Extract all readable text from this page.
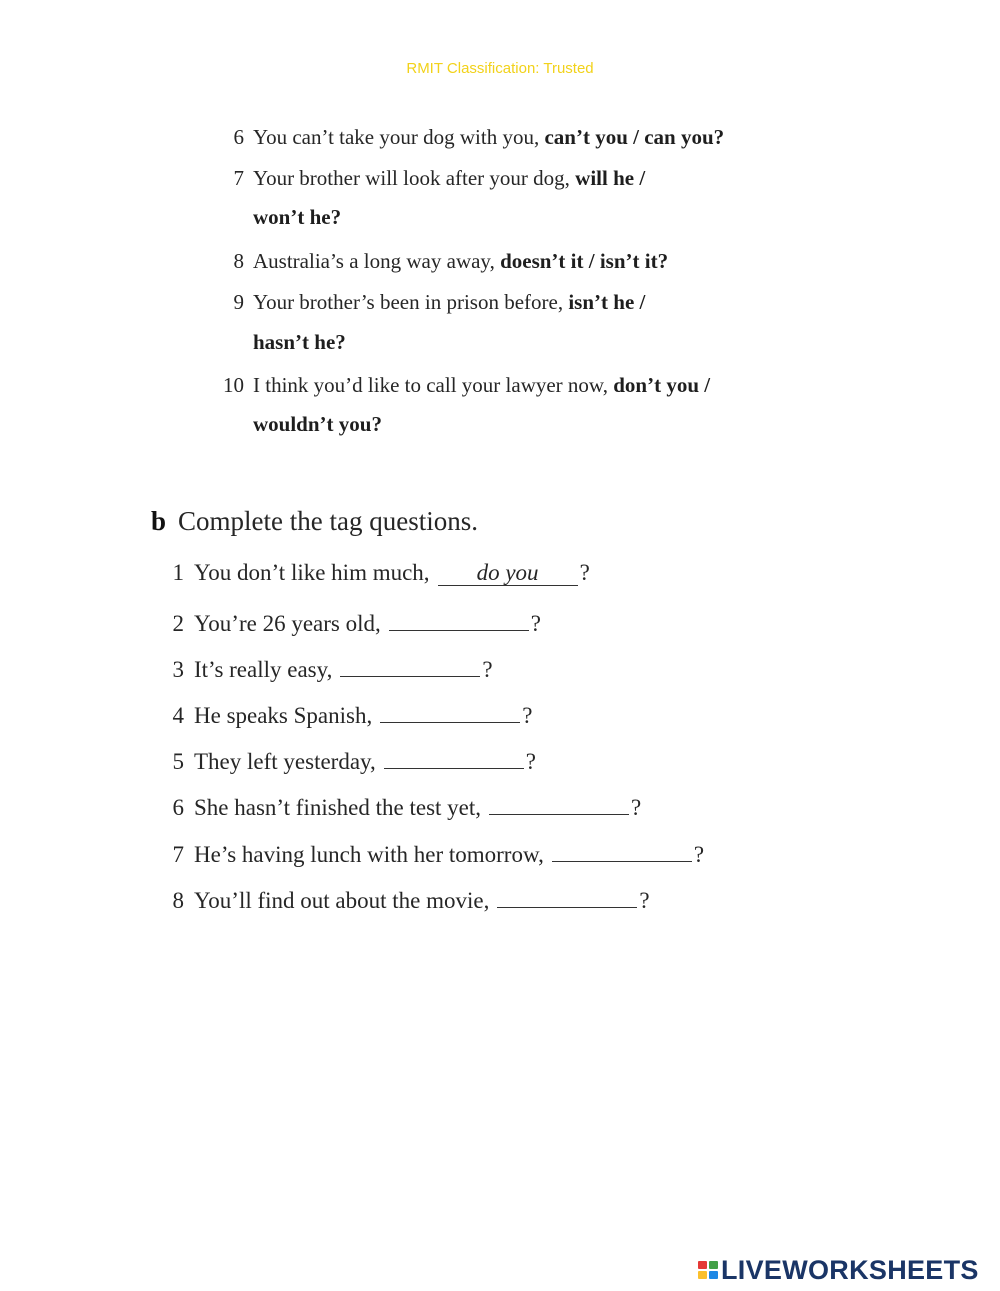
RMIT Classification: Trusted
6 You can’t take your dog with you, can’t you / can you?
7 Your brother will look after your dog, will he /
won’t he?
8 Australia’s a long way away, doesn’t it / isn’t it?
9 Your brother’s been in prison before, isn’t he /
hasn’t he?
10 I think you’d like to call your lawyer now, don’t you /
wouldn’t you?
b Complete the tag questions.
1 You don’t like him much, do you ?
2 You’re 26 years old,	?
3 It’s really easy,	?
4 He speaks Spanish,	?
5 They left yesterday,	?
6 She hasn’t finished the test yet,	?
7 He’s having lunch with her tomorrow,	?
8 You’ll find out about the movie,	?
LIVEWORKSHEETS
